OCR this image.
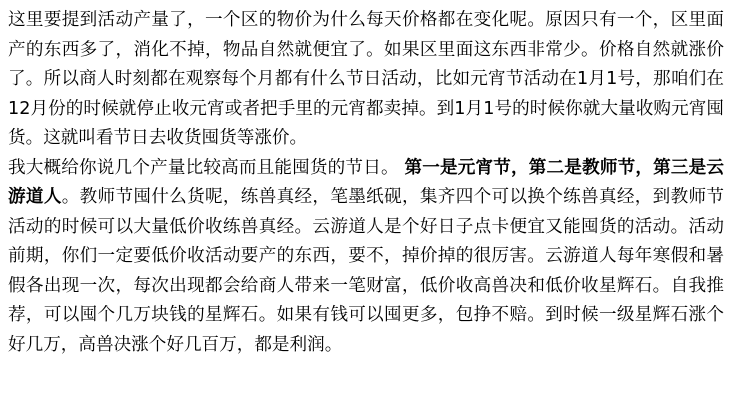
这里要提到活动产量了，一个区的物价为什么每天价格都在变化呢。原因只有一个，区里面产的东西多了，消化不掉，物品自然就便宜了。如果区里面这东西非常少。价格自然就涨价了。所以商人时刻都在观察每个月都有什么节日活动，比如元宵节活动在1月1号，那咱们在12月份的时候就停止收元宵或者把手里的元宵都卖掉。到1月1号的时候你就大量收购元宵囤货。这就叫看节日去收货囤货等涨价。

我大概给你说几个产量比较高而且能囤货的节日。 第一是元宵节，第二是教师节，第三是云游道人。教师节囤什么货呢，练兽真经，笔墨纸砚，集齐四个可以换个练兽真经，到教师节活动的时候可以大量低价收练兽真经。云游道人是个好日子点卡便宜又能囤货的活动。活动前期，你们一定要低价收活动要产的东西，要不，掉价掉的很厉害。云游道人每年寒假和暑假各出现一次，每次出现都会给商人带来一笔财富，低价收高兽决和低价收星辉石。自我推荐，可以囤个几万块钱的星辉石。如果有钱可以囤更多，包挣不赔。到时候一级星辉石涨个好几万，高兽决涨个好几百万，都是利润。
